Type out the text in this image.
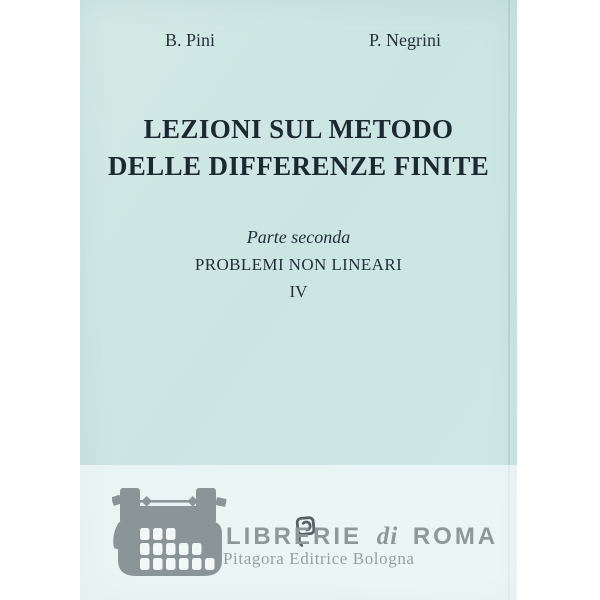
B. Pini	P. Negrini
LEZIONI SUL METODO
DELLE DIFFERENZE FINITE
Parte seconda
PROBLEMI NON LINEARI
IV
LIBRERIE di ROMA
Pitagora Editrice Bologna
